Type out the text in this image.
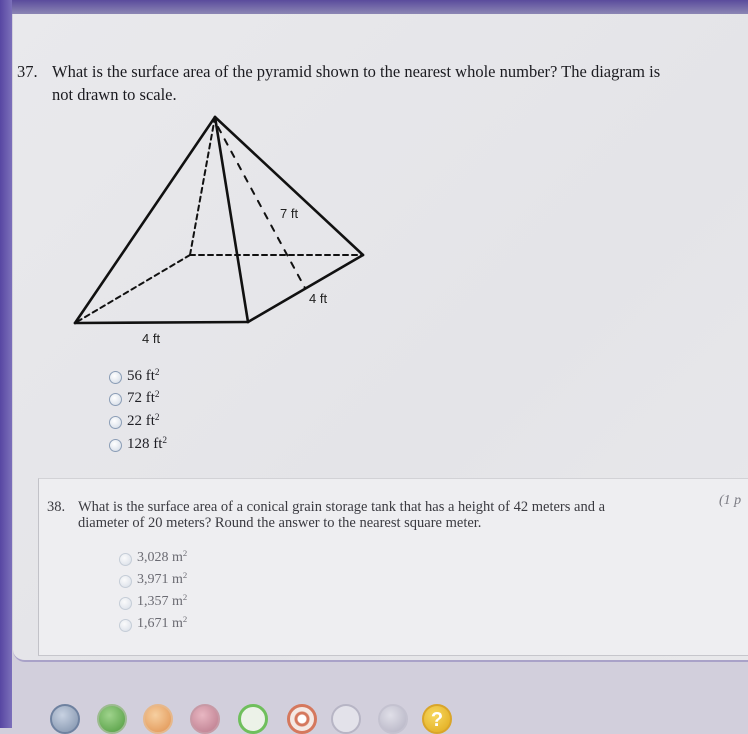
37. What is the surface area of the pyramid shown to the nearest whole number? The diagram is
not drawn to scale.
7 ft
4 ft
4 ft
56 $ft^2$
72 $ft^2$
22 $ft^2$
128 $ft^2$
38. What is the surface area of a conical grain storage tank that has a height of 42 meters and a
diameter of 20 meters? Round the answer to the nearest square meter.
(1 p
3,028 $m^2$
3,971 $m^2$
1,357 $m^2$
1,671 $m^2$
?
